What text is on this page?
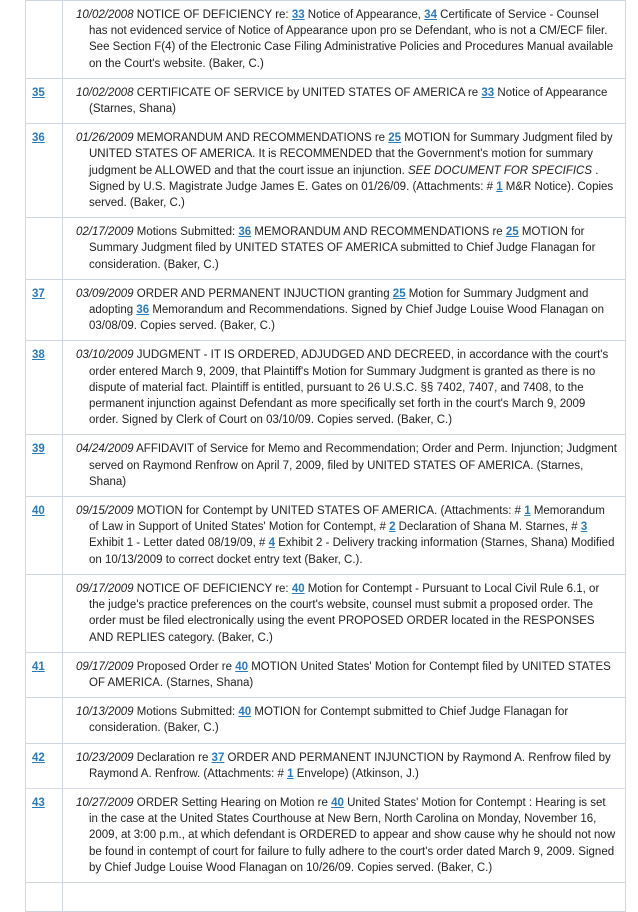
	10/02/2008 NOTICE OF DEFICIENCY re: 33 Notice of Appearance, 34 Certificate of Service - Counsel has not evidenced service of Notice of Appearance upon pro se Defendant, who is not a CM/ECF filer. See Section F(4) of the Electronic Case Filing Administrative Policies and Procedures Manual available on the Court's website. (Baker, C.)

35	10/02/2008 CERTIFICATE OF SERVICE by UNITED STATES OF AMERICA re 33 Notice of Appearance (Starnes, Shana)

36	01/26/2009 MEMORANDUM AND RECOMMENDATIONS re 25 MOTION for Summary Judgment filed by UNITED STATES OF AMERICA. It is RECOMMENDED that the Government's motion for summary judgment be ALLOWED and that the court issue an injunction. SEE DOCUMENT FOR SPECIFICS . Signed by U.S. Magistrate Judge James E. Gates on 01/26/09. (Attachments: # 1 M&R Notice). Copies served. (Baker, C.)

	02/17/2009 Motions Submitted: 36 MEMORANDUM AND RECOMMENDATIONS re 25 MOTION for Summary Judgment filed by UNITED STATES OF AMERICA submitted to Chief Judge Flanagan for consideration. (Baker, C.)

37	03/09/2009 ORDER AND PERMANENT INJUCTION granting 25 Motion for Summary Judgment and adopting 36 Memorandum and Recommendations. Signed by Chief Judge Louise Wood Flanagan on 03/08/09. Copies served. (Baker, C.)

38	03/10/2009 JUDGMENT - IT IS ORDERED, ADJUDGED AND DECREED, in accordance with the court's order entered March 9, 2009, that Plaintiff's Motion for Summary Judgment is granted as there is no dispute of material fact. Plaintiff is entitled, pursuant to 26 U.S.C. §§ 7402, 7407, and 7408, to the permanent injunction against Defendant as more specifically set forth in the court's March 9, 2009 order. Signed by Clerk of Court on 03/10/09. Copies served. (Baker, C.)

39	04/24/2009 AFFIDAVIT of Service for Memo and Recommendation; Order and Perm. Injunction; Judgment served on Raymond Renfrow on April 7, 2009, filed by UNITED STATES OF AMERICA. (Starnes, Shana)

40	09/15/2009 MOTION for Contempt by UNITED STATES OF AMERICA. (Attachments: # 1 Memorandum of Law in Support of United States' Motion for Contempt, # 2 Declaration of Shana M. Starnes, # 3 Exhibit 1 - Letter dated 08/19/09, # 4 Exhibit 2 - Delivery tracking information (Starnes, Shana) Modified on 10/13/2009 to correct docket entry text (Baker, C.).

	09/17/2009 NOTICE OF DEFICIENCY re: 40 Motion for Contempt - Pursuant to Local Civil Rule 6.1, or the judge's practice preferences on the court's website, counsel must submit a proposed order. The order must be filed electronically using the event PROPOSED ORDER located in the RESPONSES AND REPLIES category. (Baker, C.)

41	09/17/2009 Proposed Order re 40 MOTION United States' Motion for Contempt filed by UNITED STATES OF AMERICA. (Starnes, Shana)

	10/13/2009 Motions Submitted: 40 MOTION for Contempt submitted to Chief Judge Flanagan for consideration. (Baker, C.)

42	10/23/2009 Declaration re 37 ORDER AND PERMANENT INJUNCTION by Raymond A. Renfrow filed by Raymond A. Renfrow. (Attachments: # 1 Envelope) (Atkinson, J.)

43	10/27/2009 ORDER Setting Hearing on Motion re 40 United States' Motion for Contempt : Hearing is set in the case at the United States Courthouse at New Bern, North Carolina on Monday, November 16, 2009, at 3:00 p.m., at which defendant is ORDERED to appear and show cause why he should not now be found in contempt of court for failure to fully adhere to the court's order dated March 9, 2009. Signed by Chief Judge Louise Wood Flanagan on 10/26/09. Copies served. (Baker, C.)
